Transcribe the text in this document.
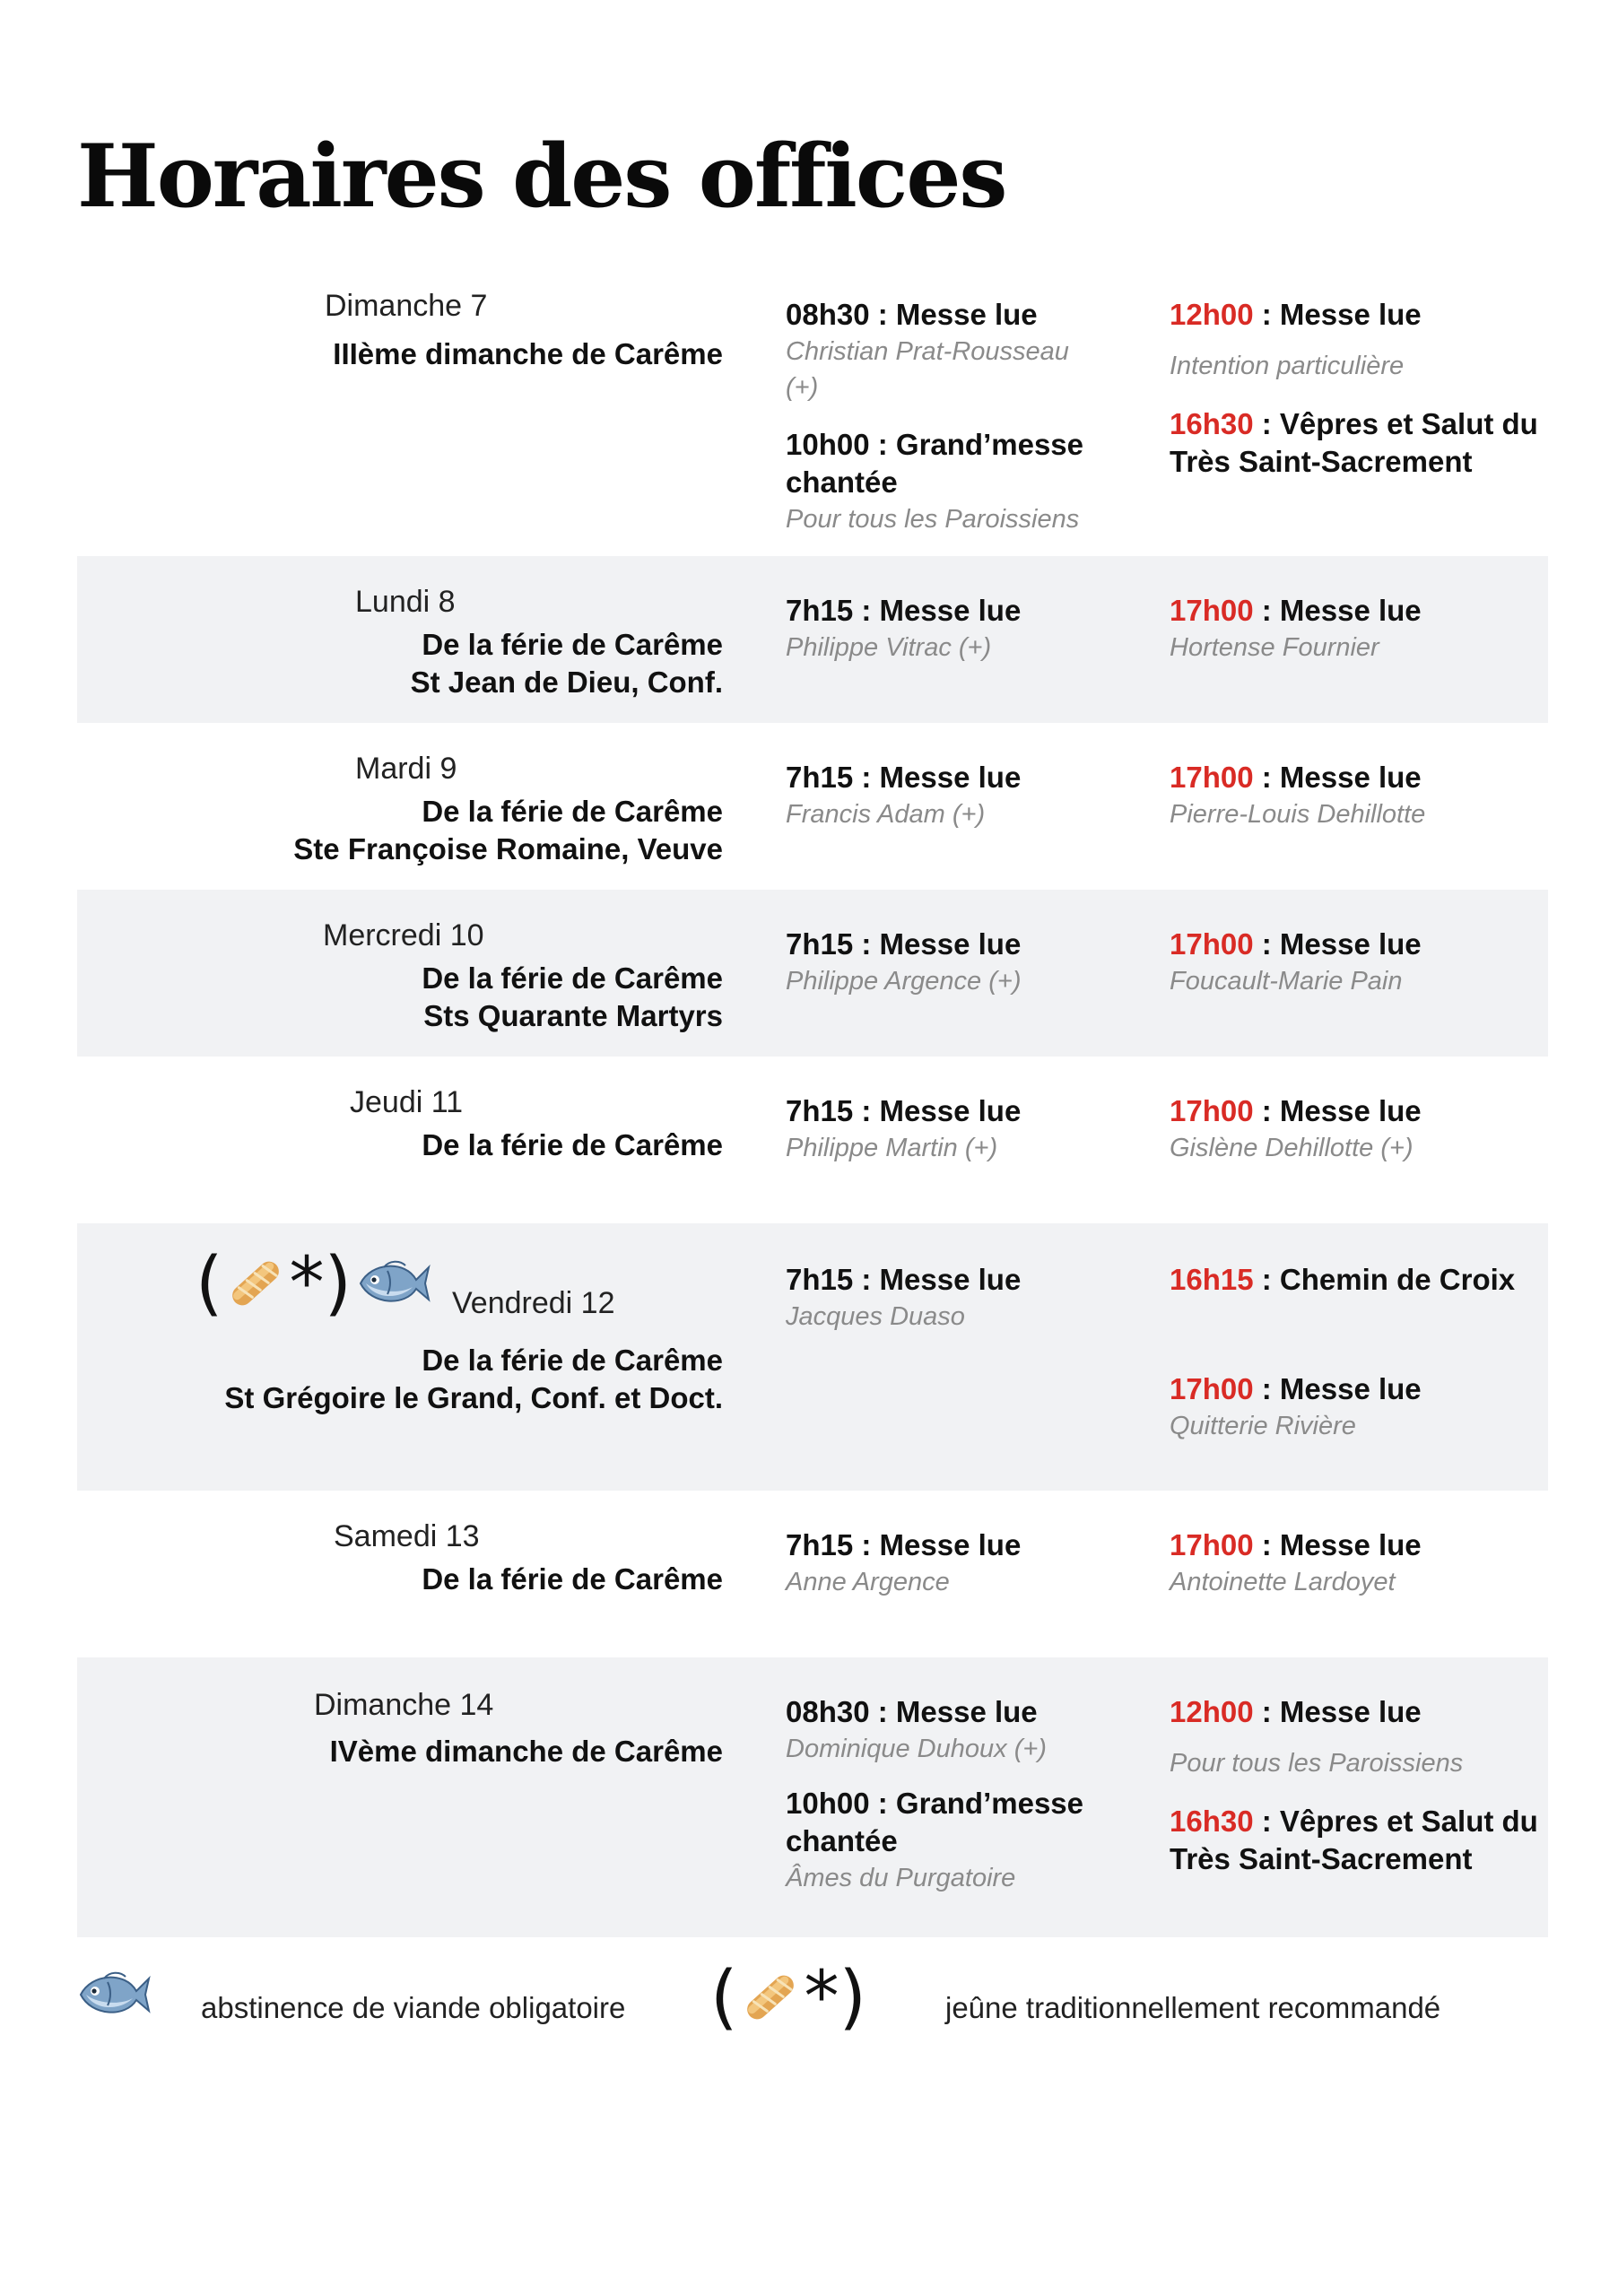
Horaires des offices
Dimanche 7
IIIème dimanche de Carême
08h30 : Messe lue
Christian Prat-Rousseau (+)
10h00 : Grand’messe chantée
Pour tous les Paroissiens
12h00 : Messe lue
Intention particulière
16h30 : Vêpres et Salut du Très Saint-Sacrement
Lundi 8
De la férie de Carême
St Jean de Dieu, Conf.
7h15 : Messe lue
Philippe Vitrac (+)
17h00 : Messe lue
Hortense Fournier
Mardi 9
De la férie de Carême
Ste Françoise Romaine, Veuve
7h15 : Messe lue
Francis Adam (+)
17h00 : Messe lue
Pierre-Louis Dehillotte
Mercredi 10
De la férie de Carême
Sts Quarante Martyrs
7h15 : Messe lue
Philippe Argence (+)
17h00 : Messe lue
Foucault-Marie Pain
Jeudi 11
De la férie de Carême
7h15 : Messe lue
Philippe Martin (+)
17h00 : Messe lue
Gislène Dehillotte (+)
( *)	Vendredi 12
De la férie de Carême
St Grégoire le Grand, Conf. et Doct.
7h15 : Messe lue
Jacques Duaso
16h15 : Chemin de Croix
17h00 : Messe lue
Quitterie Rivière
Samedi 13
De la férie de Carême
7h15 : Messe lue
Anne Argence
17h00 : Messe lue
Antoinette Lardoyet
Dimanche 14
IVème dimanche de Carême
08h30 : Messe lue
Dominique Duhoux (+)
10h00 : Grand’messe chantée
Âmes du Purgatoire
12h00 : Messe lue
Pour tous les Paroissiens
16h30 : Vêpres et Salut du Très Saint-Sacrement
abstinence de viande obligatoire ( *)	jeûne traditionnellement recommandé
